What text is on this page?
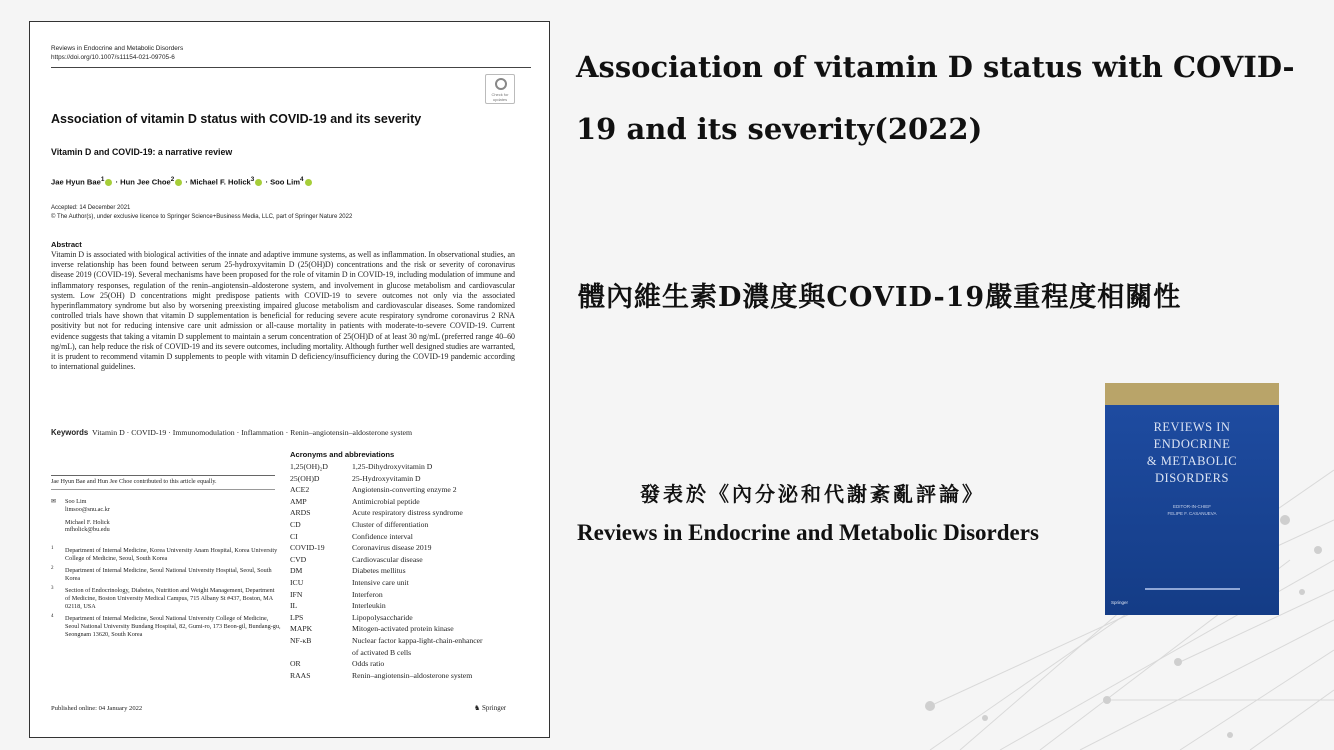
Reviews in Endocrine and Metabolic Disorders
https://doi.org/10.1007/s11154-021-09705-6
Check for updates
Association of vitamin D status with COVID-19 and its severity
Vitamin D and COVID-19: a narrative review
Jae Hyun Bae$^1$ · Hun Jee Choe$^2$ · Michael F. Holick$^3$ · Soo Lim$^4$
Accepted: 14 December 2021
© The Author(s), under exclusive licence to Springer Science+Business Media, LLC, part of Springer Nature 2022
Abstract
Vitamin D is associated with biological activities of the innate and adaptive immune systems, as well as inflammation. In observational studies, an inverse relationship has been found between serum 25-hydroxyvitamin D (25(OH)D) concentrations and the risk or severity of coronavirus disease 2019 (COVID-19). Several mechanisms have been proposed for the role of vitamin D in COVID-19, including modulation of immune and inflammatory responses, regulation of the renin–angiotensin–aldosterone system, and involvement in glucose metabolism and cardiovascular system. Low 25(OH) D concentrations might predispose patients with COVID-19 to severe outcomes not only via the associated hyperinflammatory syndrome but also by worsening preexisting impaired glucose metabolism and cardiovascular diseases. Some randomized controlled trials have shown that vitamin D supplementation is beneficial for reducing severe acute respiratory syndrome coronavirus 2 RNA positivity but not for reducing intensive care unit admission or all-cause mortality in patients with moderate-to-severe COVID-19. Current evidence suggests that taking a vitamin D supplement to maintain a serum concentration of 25(OH)D of at least 30 ng/mL (preferred range 40–60 ng/mL), can help reduce the risk of COVID-19 and its severe outcomes, including mortality. Although further well designed studies are warranted, it is prudent to recommend vitamin D supplements to people with vitamin D deficiency/insufficiency during the COVID-19 pandemic according to international guidelines.
Keywords Vitamin D · COVID-19 · Immunomodulation · Inflammation · Renin–angiotensin–aldosterone system
Jae Hyun Bae and Hun Jee Choe contributed to this article equally.
✉ Soo Lim
limsoo@snu.ac.kr
Michael F. Holick
mfholick@bu.edu
1 Department of Internal Medicine, Korea University Anam Hospital, Korea University College of Medicine, Seoul, South Korea
2 Department of Internal Medicine, Seoul National University Hospital, Seoul, South Korea
3 Section of Endocrinology, Diabetes, Nutrition and Weight Management, Department of Medicine, Boston University Medical Campus, 715 Albany St #437, Boston, MA 02118, USA
4 Department of Internal Medicine, Seoul National University College of Medicine, Seoul National University Bundang Hospital, 82, Gumi-ro, 173 Beon-gil, Bundang-gu, Seongnam 13620, South Korea
Acronyms and abbreviations
1,25(OH)₂D	1,25-Dihydroxyvitamin D
25(OH)D	25-Hydroxyvitamin D
ACE2	Angiotensin-converting enzyme 2
AMP	Antimicrobial peptide
ARDS	Acute respiratory distress syndrome
CD	Cluster of differentiation
CI	Confidence interval
COVID-19	Coronavirus disease 2019
CVD	Cardiovascular disease
DM	Diabetes mellitus
ICU	Intensive care unit
IFN	Interferon
IL	Interleukin
LPS	Lipopolysaccharide
MAPK	Mitogen-activated protein kinase
NF-κB	Nuclear factor kappa-light-chain-enhancer
of activated B cells
OR	Odds ratio
RAAS	Renin–angiotensin–aldosterone system
Published online: 04 January 2022	♞ Springer
Association of vitamin D status with COVID-19 and its severity(2022)
體內維生素D濃度與COVID-19嚴重程度相關性
發表於《內分泌和代謝紊亂評論》
Reviews in Endocrine and Metabolic Disorders
REVIEWS IN
ENDOCRINE
& METABOLIC
DISORDERS
EDITOR-IN-CHIEF
FELIPE F. CASANUEVA
Springer
